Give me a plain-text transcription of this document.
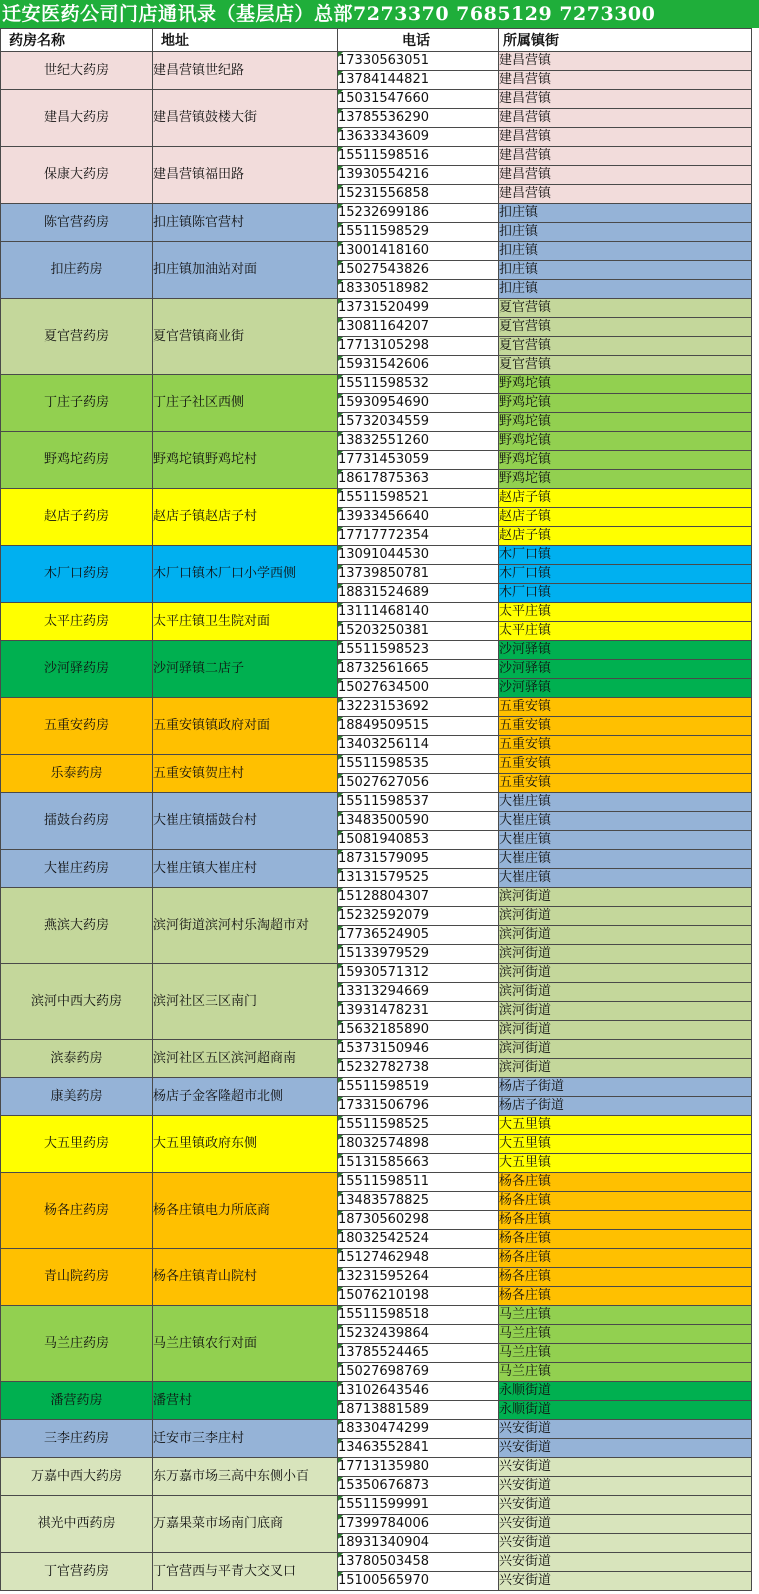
迁安医药公司门店通讯录（基层店）总部7273370 7685129 7273300
药房名称	地址	电话	所属镇街
世纪大药房	建昌营镇世纪路	17330563051	建昌营镇
		13784144821	建昌营镇
建昌大药房	建昌营镇鼓楼大街	15031547660	建昌营镇
		13785536290	建昌营镇
		13633343609	建昌营镇
保康大药房	建昌营镇福田路	15511598516	建昌营镇
		13930554216	建昌营镇
		15231556858	建昌营镇
陈官营药房	扣庄镇陈官营村	15232699186	扣庄镇
		15511598529	扣庄镇
扣庄药房	扣庄镇加油站对面	13001418160	扣庄镇
		15027543826	扣庄镇
		18330518982	扣庄镇
夏官营药房	夏官营镇商业街	13731520499	夏官营镇
		13081164207	夏官营镇
		17713105298	夏官营镇
		15931542606	夏官营镇
丁庄子药房	丁庄子社区西侧	15511598532	野鸡坨镇
		15930954690	野鸡坨镇
		15732034559	野鸡坨镇
野鸡坨药房	野鸡坨镇野鸡坨村	13832551260	野鸡坨镇
		17731453059	野鸡坨镇
		18617875363	野鸡坨镇
赵店子药房	赵店子镇赵店子村	15511598521	赵店子镇
		13933456640	赵店子镇
		17717772354	赵店子镇
木厂口药房	木厂口镇木厂口小学西侧	13091044530	木厂口镇
		13739850781	木厂口镇
		18831524689	木厂口镇
太平庄药房	太平庄镇卫生院对面	13111468140	太平庄镇
		15203250381	太平庄镇
沙河驿药房	沙河驿镇二店子	15511598523	沙河驿镇
		18732561665	沙河驿镇
		15027634500	沙河驿镇
五重安药房	五重安镇镇政府对面	13223153692	五重安镇
		18849509515	五重安镇
		13403256114	五重安镇
乐泰药房	五重安镇贺庄村	15511598535	五重安镇
		15027627056	五重安镇
擂鼓台药房	大崔庄镇擂鼓台村	15511598537	大崔庄镇
		13483500590	大崔庄镇
		15081940853	大崔庄镇
大崔庄药房	大崔庄镇大崔庄村	18731579095	大崔庄镇
		13131579525	大崔庄镇
燕滨大药房	滨河街道滨河村乐淘超市对	15128804307	滨河街道
		15232592079	滨河街道
		17736524905	滨河街道
		15133979529	滨河街道
滨河中西大药房	滨河社区三区南门	15930571312	滨河街道
		13313294669	滨河街道
		13931478231	滨河街道
		15632185890	滨河街道
滨泰药房	滨河社区五区滨河超商南	15373150946	滨河街道
		15232782738	滨河街道
康美药房	杨店子金客隆超市北侧	15511598519	杨店子街道
		17331506796	杨店子街道
大五里药房	大五里镇政府东侧	15511598525	大五里镇
		18032574898	大五里镇
		15131585663	大五里镇
杨各庄药房	杨各庄镇电力所底商	15511598511	杨各庄镇
		13483578825	杨各庄镇
		18730560298	杨各庄镇
		18032542524	杨各庄镇
青山院药房	杨各庄镇青山院村	15127462948	杨各庄镇
		13231595264	杨各庄镇
		15076210198	杨各庄镇
马兰庄药房	马兰庄镇农行对面	15511598518	马兰庄镇
		15232439864	马兰庄镇
		13785524465	马兰庄镇
		15027698769	马兰庄镇
潘营药房	潘营村	13102643546	永顺街道
		18713881589	永顺街道
三李庄药房	迁安市三李庄村	18330474299	兴安街道
		13463552841	兴安街道
万嘉中西大药房	东万嘉市场三高中东侧小百	17713135980	兴安街道
		15350676873	兴安街道
祺光中西药房	万嘉果菜市场南门底商	15511599991	兴安街道
		17399784006	兴安街道
		18931340904	兴安街道
丁官营药房	丁官营西与平青大交叉口	13780503458	兴安街道
		15100565970	兴安街道
